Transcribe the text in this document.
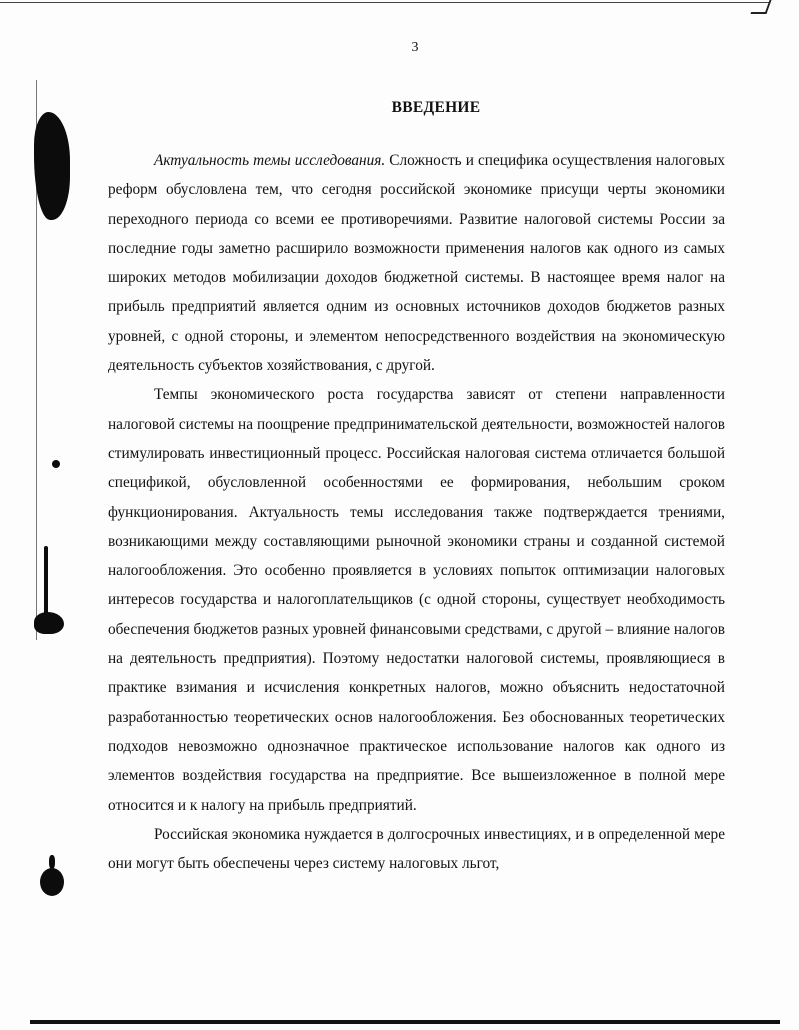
3
ВВЕДЕНИЕ

Актуальность темы исследования. Сложность и специфика осуществления налоговых реформ обусловлена тем, что сегодня российской экономике присущи черты экономики переходного периода со всеми ее противоречиями. Развитие налоговой системы России за последние годы заметно расширило возможности применения налогов как одного из самых широких методов мобилизации доходов бюджетной системы. В настоящее время налог на прибыль предприятий является одним из основных источников доходов бюджетов разных уровней, с одной стороны, и элементом непосредственного воздействия на экономическую деятельность субъектов хозяйствования, с другой.

Темпы экономического роста государства зависят от степени направленности налоговой системы на поощрение предпринимательской деятельности, возможностей налогов стимулировать инвестиционный процесс. Российская налоговая система отличается большой спецификой, обусловленной особенностями ее формирования, небольшим сроком функционирования. Актуальность темы исследования также подтверждается трениями, возникающими между составляющими рыночной экономики страны и созданной системой налогообложения. Это особенно проявляется в условиях попыток оптимизации налоговых интересов государства и налогоплательщиков (с одной стороны, существует необходимость обеспечения бюджетов разных уровней финансовыми средствами, с другой – влияние налогов на деятельность предприятия). Поэтому недостатки налоговой системы, проявляющиеся в практике взимания и исчисления конкретных налогов, можно объяснить недостаточной разработанностью теоретических основ налогообложения. Без обоснованных теоретических подходов невозможно однозначное практическое использование налогов как одного из элементов воздействия государства на предприятие. Все вышеизложенное в полной мере относится и к налогу на прибыль предприятий.

Российская экономика нуждается в долгосрочных инвестициях, и в определенной мере они могут быть обеспечены через систему налоговых льгот,
